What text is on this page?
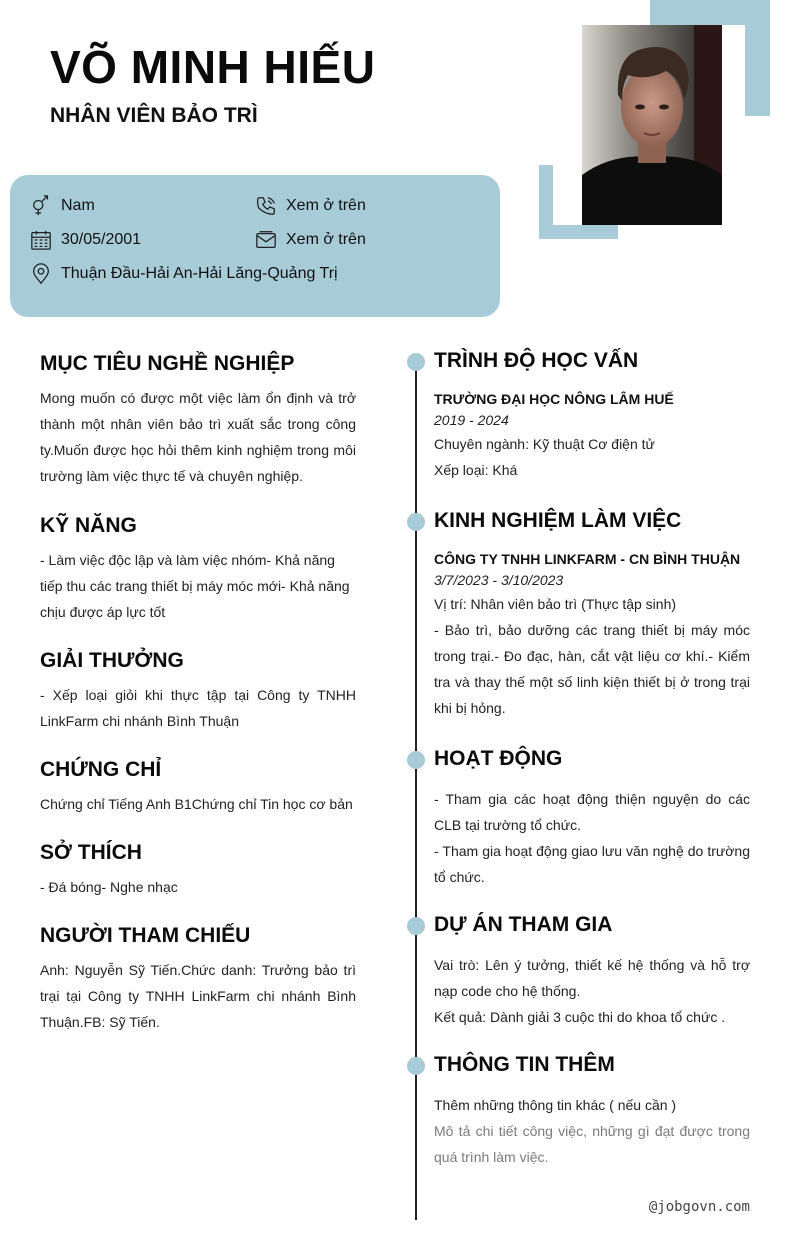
VÕ MINH HIẾU
NHÂN VIÊN BẢO TRÌ
Nam
30/05/2001
Thuận Đầu-Hải An-Hải Lăng-Quảng Trị
Xem ở trên
Xem ở trên
MỤC TIÊU NGHỀ NGHIỆP
Mong muốn có được một việc làm ổn định và trở thành một nhân viên bảo trì xuất sắc trong công ty.Muốn được học hỏi thêm kinh nghiệm trong môi trường làm việc thực tế và chuyên nghiệp.
KỸ NĂNG
- Làm việc độc lập và làm việc nhóm- Khả năng tiếp thu các trang thiết bị máy móc mới- Khả năng chịu được áp lực tốt
GIẢI THƯỞNG
- Xếp loại giỏi khi thực tập tại Công ty TNHH LinkFarm chi nhánh Bình Thuận
CHỨNG CHỈ
Chứng chỉ Tiếng Anh B1Chứng chỉ Tin học cơ bản
SỞ THÍCH
- Đá bóng- Nghe nhạc
NGƯỜI THAM CHIẾU
Anh: Nguyễn Sỹ Tiến.Chức danh: Trưởng bảo trì trại tại Công ty TNHH LinkFarm chi nhánh Bình Thuận.FB: Sỹ Tiến.
TRÌNH ĐỘ HỌC VẤN
TRƯỜNG ĐẠI HỌC NÔNG LÂM HUẾ
2019 - 2024
Chuyên ngành: Kỹ thuật Cơ điện tử
Xếp loại: Khá
KINH NGHIỆM LÀM VIỆC
CÔNG TY TNHH LINKFARM - CN BÌNH THUẬN
3/7/2023 - 3/10/2023
Vị trí: Nhân viên bảo trì (Thực tập sinh)
- Bảo trì, bảo dưỡng các trang thiết bị máy móc trong trại.- Đo đạc, hàn, cắt vật liệu cơ khí.- Kiểm tra và thay thế một số linh kiện thiết bị ở trong trại khi bị hỏng.
HOẠT ĐỘNG
- Tham gia các hoạt động thiện nguyện do các CLB tại trường tổ chức.
- Tham gia hoạt động giao lưu văn nghệ do trường tổ chức.
DỰ ÁN THAM GIA
Vai trò: Lên ý tưởng, thiết kế hệ thống và hỗ trợ nạp code cho hệ thống.
Kết quả: Dành giải 3 cuộc thi do khoa tổ chức .
THÔNG TIN THÊM
Thêm những thông tin khác ( nếu cần )
Mô tả chi tiết công việc, những gì đạt được trong quá trình làm việc.
@jobgovn.com
